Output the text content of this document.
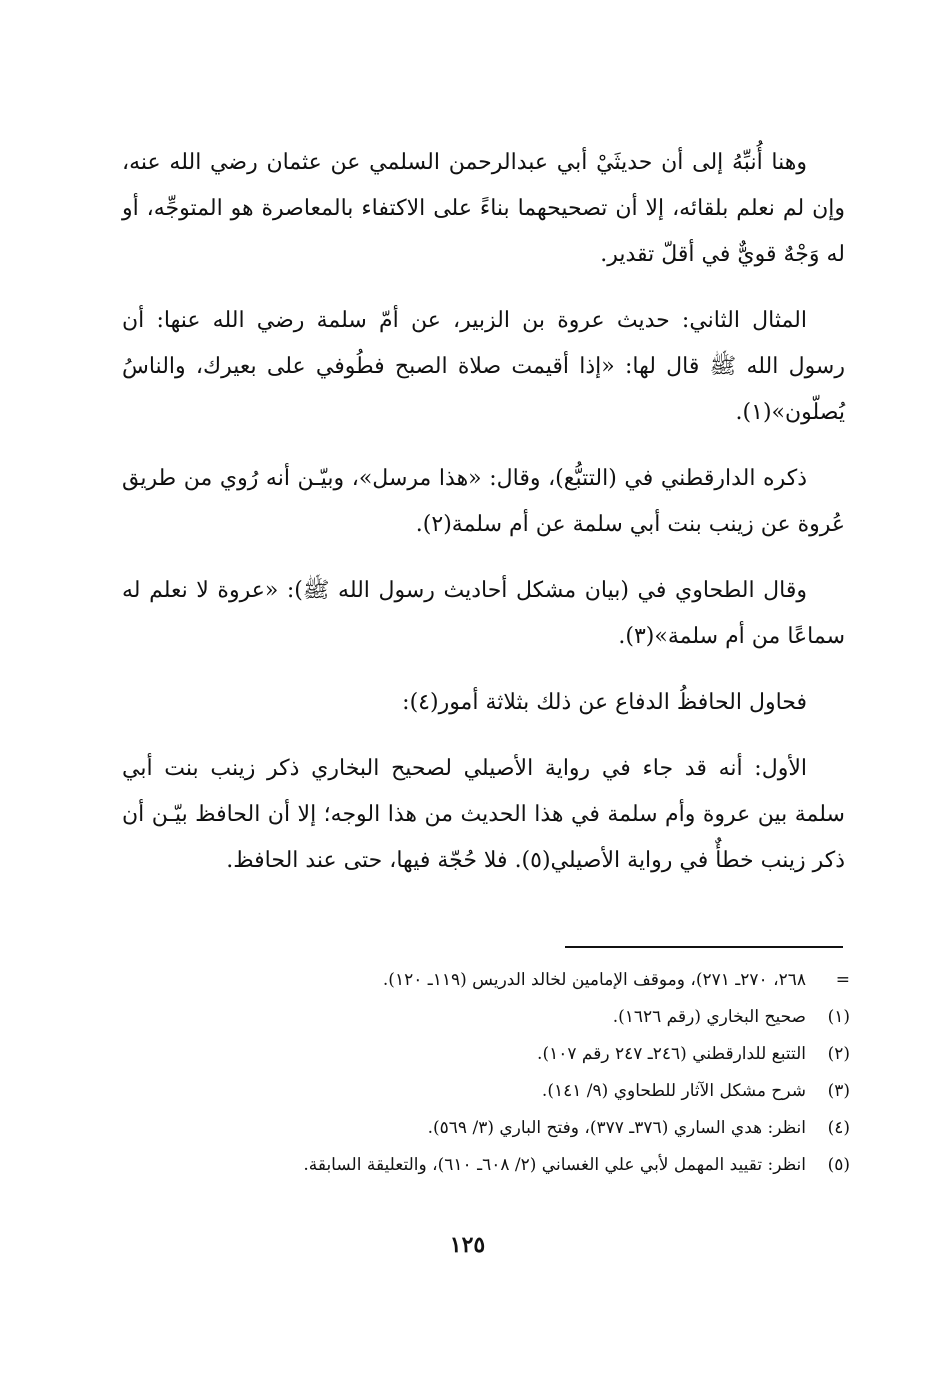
وهنا أُنبِّهُ إلى أن حديثَيْ أبي عبدالرحمن السلمي عن عثمان رضي الله عنه، وإن لم نعلم بلقائه، إلا أن تصحيحهما بناءً على الاكتفاء بالمعاصرة هو المتوجِّه، أو له وَجْهٌ قويٌّ في أقلّ تقدير.

المثال الثاني: حديث عروة بن الزبير، عن أمّ سلمة رضي الله عنها: أن رسول الله ﷺ قال لها: «إذا أقيمت صلاة الصبح فطُوفي على بعيرك، والناسُ يُصلّون»(١).

ذكره الدارقطني في (التتبُّع)، وقال: «هذا مرسل»، وبيّـن أنه رُوي من طريق عُروة عن زينب بنت أبي سلمة عن أم سلمة(٢).

وقال الطحاوي في (بيان مشكل أحاديث رسول الله ﷺ): «عروة لا نعلم له سماعًا من أم سلمة»(٣).

فحاول الحافظُ الدفاع عن ذلك بثلاثة أمور(٤):

الأول: أنه قد جاء في رواية الأصيلي لصحيح البخاري ذكر زينب بنت أبي سلمة بين عروة وأم سلمة في هذا الحديث من هذا الوجه؛ إلا أن الحافظ بيّـن أن ذكر زينب خطأٌ في رواية الأصيلي(٥). فلا حُجّة فيها، حتى عند الحافظ.

=
٢٦٨، ٢٧٠ـ ٢٧١)، وموقف الإمامين لخالد الدريس (١١٩ـ ١٢٠).
(١)
صحيح البخاري (رقم ١٦٢٦).
(٢)
التتبع للدارقطني (٢٤٦ـ ٢٤٧ رقم ١٠٧).
(٣)
شرح مشكل الآثار للطحاوي (٩/ ١٤١).
(٤)
انظر: هدي الساري (٣٧٦ـ ٣٧٧)، وفتح الباري (٣/ ٥٦٩).
(٥)
انظر: تقييد المهمل لأبي علي الغساني (٢/ ٦٠٨ـ ٦١٠)، والتعليقة السابقة.
١٢٥
